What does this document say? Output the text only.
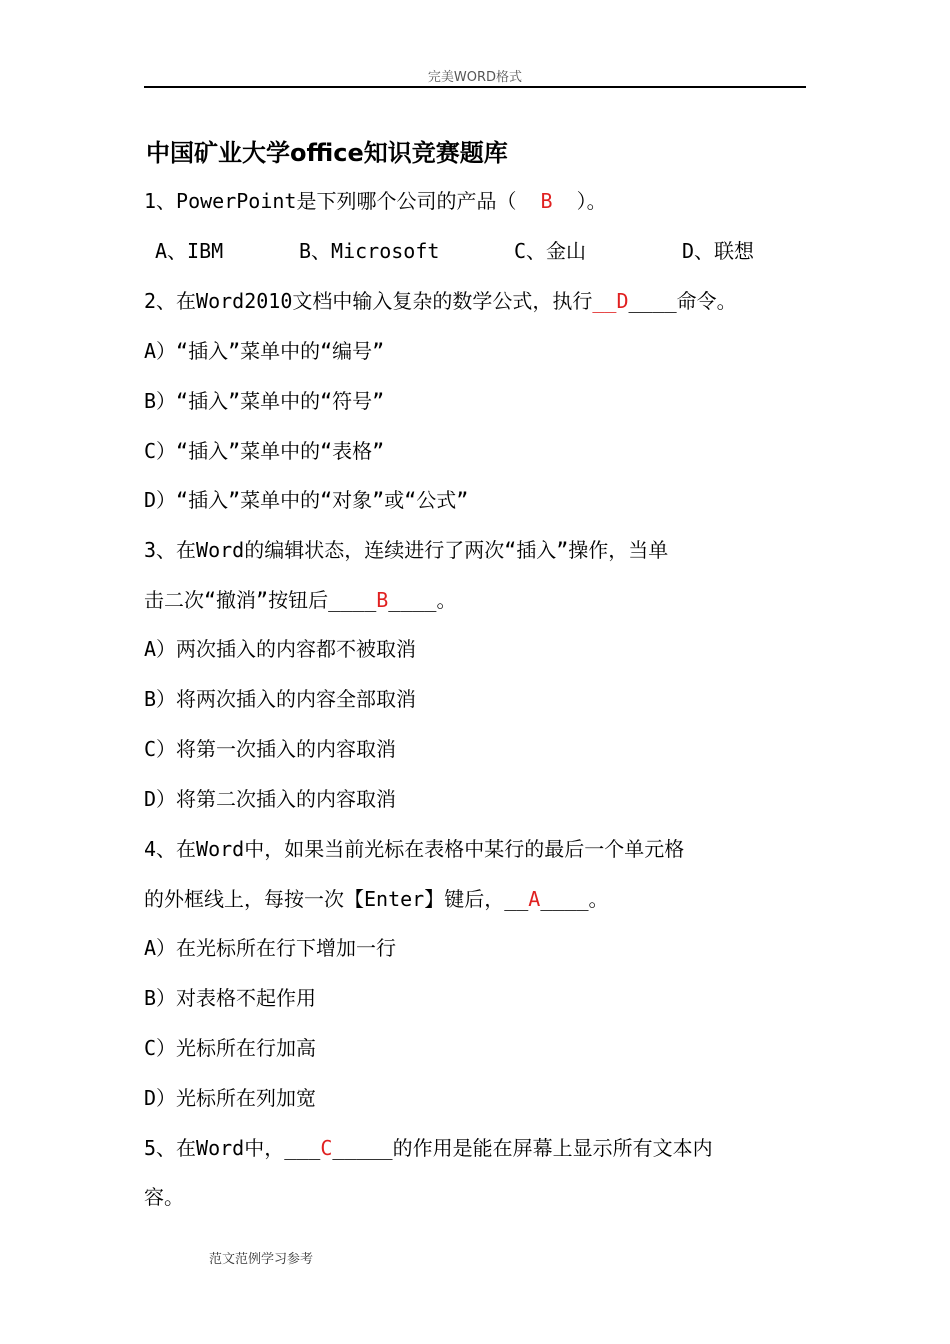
完美WORD格式
中国矿业大学office知识竞赛题库
1、PowerPoint是下列哪个公司的产品（  B  ）。

A、IBM

	B、Microsoft

	C、金山

	D、联想

2、在Word2010文档中输入复杂的数学公式，执行__D____命令。
A）“插入”菜单中的“编号”
B）“插入”菜单中的“符号”
C）“插入”菜单中的“表格”
D）“插入”菜单中的“对象”或“公式”
3、在Word的编辑状态，连续进行了两次“插入”操作，当单
击二次“撤消”按钮后____B____。
A）两次插入的内容都不被取消
B）将两次插入的内容全部取消
C）将第一次插入的内容取消
D）将第二次插入的内容取消
4、在Word中，如果当前光标在表格中某行的最后一个单元格
的外框线上，每按一次【Enter】键后，__A____。
A）在光标所在行下增加一行
B）对表格不起作用
C）光标所在行加高
D）光标所在列加宽
5、在Word中，___C_____的作用是能在屏幕上显示所有文本内
容。
范文范例学习参考
